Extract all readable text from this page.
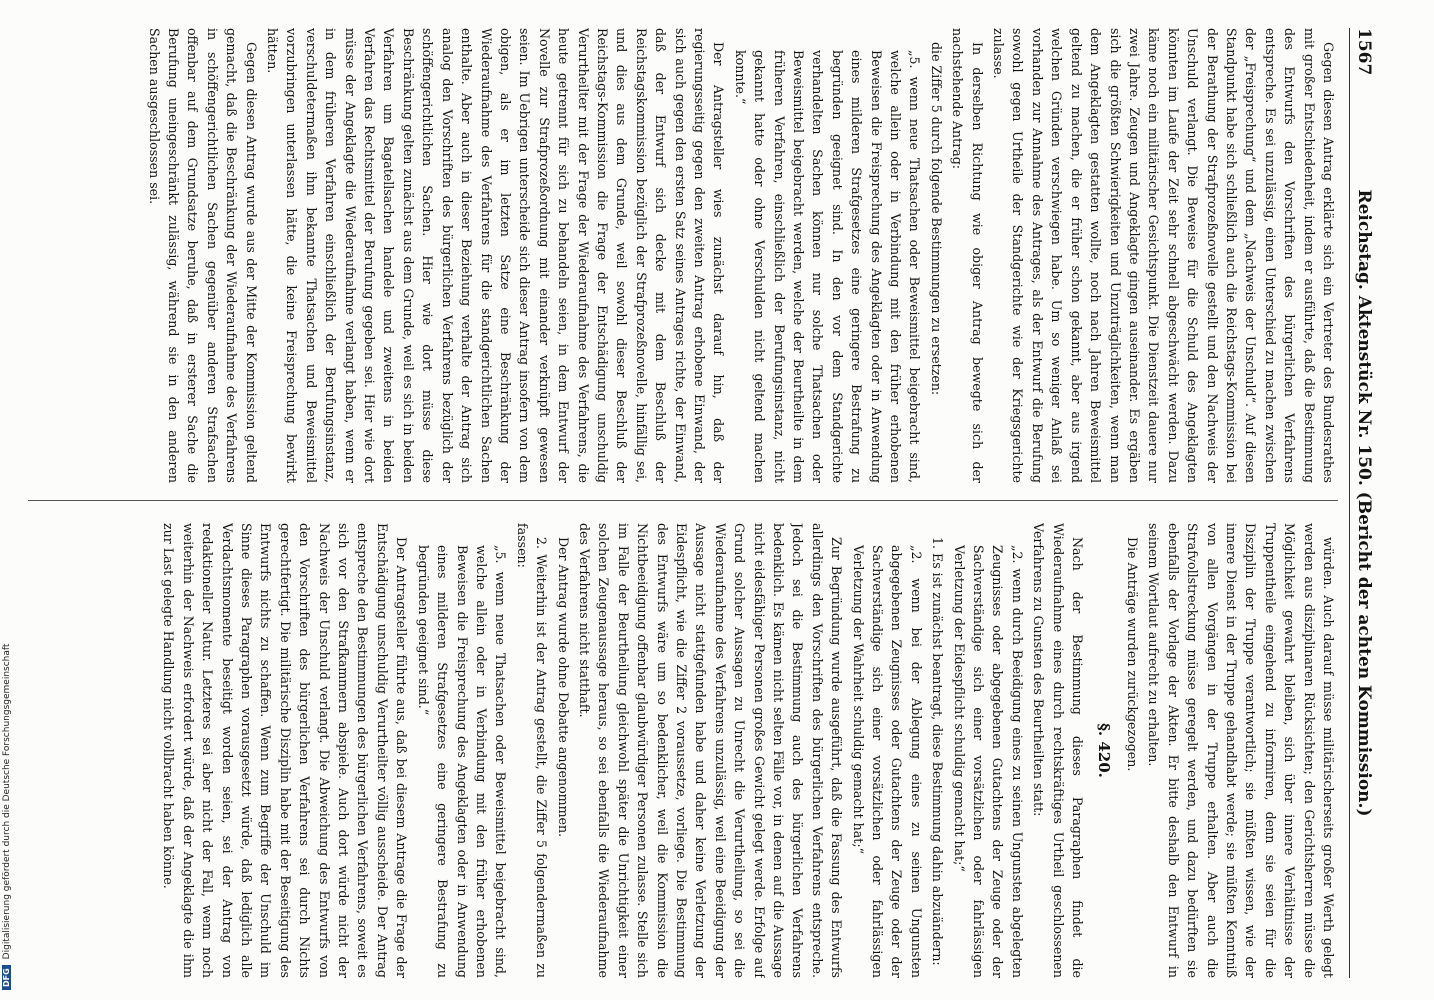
1567
Reichstag. Aktenstück Nr. 150. (Bericht der achten Kommission.)

Gegen diesen Antrag erklärte sich ein Vertreter des Bundesrathes mit großer Entschiedenheit, indem er ausführte, daß die Bestimmung des Entwurfs den Vorschriften des bürgerlichen Verfahrens entspreche. Es sei unzulässig, einen Unterschied zu machen zwischen der „Freisprechung“ und dem „Nachweis der Unschuld“. Auf diesen Standpunkt habe sich schließlich auch die Reichstags-Kommission bei der Berathung der Strafprozeßnovelle gestellt und den Nachweis der Unschuld verlangt. Die Beweise für die Schuld des Angeklagten könnten im Laufe der Zeit sehr schnell abgeschwächt werden. Dazu käme noch ein militärischer Gesichtspunkt. Die Dienstzeit dauere nur zwei Jahre. Zeugen und Angeklagte gingen auseinander. Es ergäben sich die größten Schwierigkeiten und Unzuträglichkeiten, wenn man dem Angeklagten gestatten wollte, noch nach Jahren Beweismittel geltend zu machen, die er früher schon gekannt, aber aus irgend welchen Gründen verschwiegen habe. Um so weniger Anlaß sei vorhanden zur Annahme des Antrages, als der Entwurf die Berufung sowohl gegen Urtheile der Standgerichte wie der Kriegsgerichte zulasse.

In derselben Richtung wie obiger Antrag bewegte sich der nachstehende Antrag:

die Ziffer 5 durch folgende Bestimmungen zu ersetzen:

„5. wenn neue Thatsachen oder Beweismittel beigebracht sind, welche allein oder in Verbindung mit den früher erhobenen Beweisen die Freisprechung des Angeklagten oder in Anwendung eines milderen Strafgesetzes eine geringere Bestrafung zu begründen geeignet sind. In den vor dem Standgerichte verhandelten Sachen können nur solche Thatsachen oder Beweismittel beigebracht werden, welche der Beurtheilte in dem früheren Verfahren, einschließlich der Berufungsinstanz, nicht gekannt hatte oder ohne Verschulden nicht geltend machen konnte.“

Der Antragsteller wies zunächst darauf hin, daß der regierungsseitig gegen den zweiten Antrag erhobene Einwand, der sich auch gegen den ersten Satz seines Antrages richte, der Einwand, daß der Entwurf sich decke mit dem Beschluß der Reichstagskommission bezüglich der Strafprozeßnovelle, hinfällig sei, und dies aus dem Grunde, weil sowohl dieser Beschluß der Reichstags-Kommission die Frage der Entschädigung unschuldig Verurtheilter mit der Frage der Wiederaufnahme des Verfahrens, die heute getrennt für sich zu behandeln seien, in dem Entwurf der Novelle zur Strafprozeßordnung mit einander verknüpft gewesen seien. Im Uebrigen unterscheide sich dieser Antrag insofern von dem obigen, als er im letzten Satze eine Beschränkung der Wiederaufnahme des Verfahrens für die standgerichtlichen Sachen enthalte. Aber auch in dieser Beziehung verhalte der Antrag sich analog den Vorschriften des bürgerlichen Verfahrens bezüglich der schöffengerichtlichen Sachen. Hier wie dort müsse diese Beschränkung gelten zunächst aus dem Grunde, weil es sich in beiden Verfahren um Bagatellsachen handele und zweitens in beiden Verfahren das Rechtsmittel der Berufung gegeben sei. Hier wie dort müsse der Angeklagte die Wiederaufnahme verlangt haben, wenn er in dem früheren Verfahren einschließlich der Berufungsinstanz, verschuldetermaßen ihm bekannte Thatsachen und Beweismittel vorzubringen unterlassen hätte, die keine Freisprechung bewirkt hätten.

Gegen diesen Antrag wurde aus der Mitte der Kommission geltend gemacht, daß die Beschränkung der Wiederaufnahme des Verfahrens in schöffengerichtlichen Sachen gegenüber anderen Strafsachen offenbar auf dem Grundsatze beruhe, daß in ersterer Sache die Berufung uneingeschränkt zulässig, während sie in den anderen Sachen ausgeschlossen sei.

würden. Auch darauf müsse militärischerseits großer Werth gelegt werden aus disziplinaren Rücksichten; den Gerichtsherren müsse die Möglichkeit gewahrt bleiben, sich über innere Verhältnisse der Truppentheile eingehend zu informiren, denn sie seien für die Disziplin der Truppe verantwortlich; sie müßten wissen, wie der innere Dienst in der Truppe gehandhabt werde; sie müßten Kenntniß von allen Vorgängen in der Truppe erhalten. Aber auch die Strafvollstreckung müsse geregelt werden, und dazu bedürften sie ebenfalls der Vorlage der Akten. Er bitte deshalb den Entwurf in seinem Wortlaut aufrecht zu erhalten.

Die Anträge wurden zurückgezogen.

§. 420.

Nach der Bestimmung dieses Paragraphen findet die Wiederaufnahme eines durch rechtskräftiges Urtheil geschlossenen Verfahrens zu Gunsten des Beurtheilten statt:

„2. wenn durch Beeidigung eines zu seinen Ungunsten abgelegten Zeugnisses oder abgegebenen Gutachtens der Zeuge oder der Sachverständige sich einer vorsätzlichen oder fahrlässigen Verletzung der Eidespflicht schuldig gemacht hat;“

1. Es ist zunächst beantragt, diese Bestimmung dahin abzuändern:

„2. wenn bei der Ablegung eines zu seinen Ungunsten abgegebenen Zeugnisses oder Gutachtens der Zeuge oder der Sachverständige sich einer vorsätzlichen oder fahrlässigen Verletzung der Wahrheit schuldig gemacht hat;“

Zur Begründung wurde ausgeführt, daß die Fassung des Entwurfs allerdings den Vorschriften des bürgerlichen Verfahrens entspreche. Jedoch sei die Bestimmung auch des bürgerlichen Verfahrens bedenklich. Es kämen nicht selten Fälle vor, in denen auf die Aussage nicht eidesfähiger Personen großes Gewicht gelegt werde. Erfolge auf Grund solcher Aussagen zu Unrecht die Verurtheilung, so sei die Wiederaufnahme des Verfahrens unzulässig, weil eine Beeidigung der Aussage nicht stattgefunden habe und daher keine Verletzung der Eidespflicht, wie die Ziffer 2 voraussetze, vorliege. Die Bestimmung des Entwurfs wäre um so bedenklicher, weil die Kommission die Nichtbeeidigung offenbar glaubwürdiger Personen zulasse. Stelle sich im Falle der Beurtheilung gleichwohl später die Unrichtigkeit einer solchen Zeugenaussage heraus, so sei ebenfalls die Wiederaufnahme des Verfahrens nicht statthaft.

Der Antrag wurde ohne Debatte angenommen.

2. Weiterhin ist der Antrag gestellt, die Ziffer 5 folgendermaßen zu fassen:

„5. wenn neue Thatsachen oder Beweismittel beigebracht sind, welche allein oder in Verbindung mit den früher erhobenen Beweisen die Freisprechung des Angeklagten oder in Anwendung eines milderen Strafgesetzes eine geringere Bestrafung zu begründen geeignet sind.“

Der Antragsteller führte aus, daß bei diesem Antrage die Frage der Entschädigung unschuldig Verurtheilter völlig ausscheide. Der Antrag entspreche den Bestimmungen des bürgerlichen Verfahrens, soweit es sich vor den Strafkammern abspiele. Auch dort würde nicht der Nachweis der Unschuld verlangt. Die Abweichung des Entwurfs von den Vorschriften des bürgerlichen Verfahrens sei durch Nichts gerechtfertigt. Die militärische Disziplin habe mit der Beseitigung des Entwurfs nichts zu schaffen. Wenn zum Begriffe der Unschuld im Sinne dieses Paragraphen vorausgesetzt würde, daß lediglich alle Verdachtsmomente beseitigt worden seien, sei der Antrag von redaktioneller Natur. Letzteres sei aber nicht der Fall, wenn noch weiterhin der Nachweis erfordert würde, daß der Angeklagte die ihm zur Last gelegte Handlung nicht vollbracht haben könne.

DFGDigitalisierung gefördert durch die Deutsche Forschungsgemeinschaft
